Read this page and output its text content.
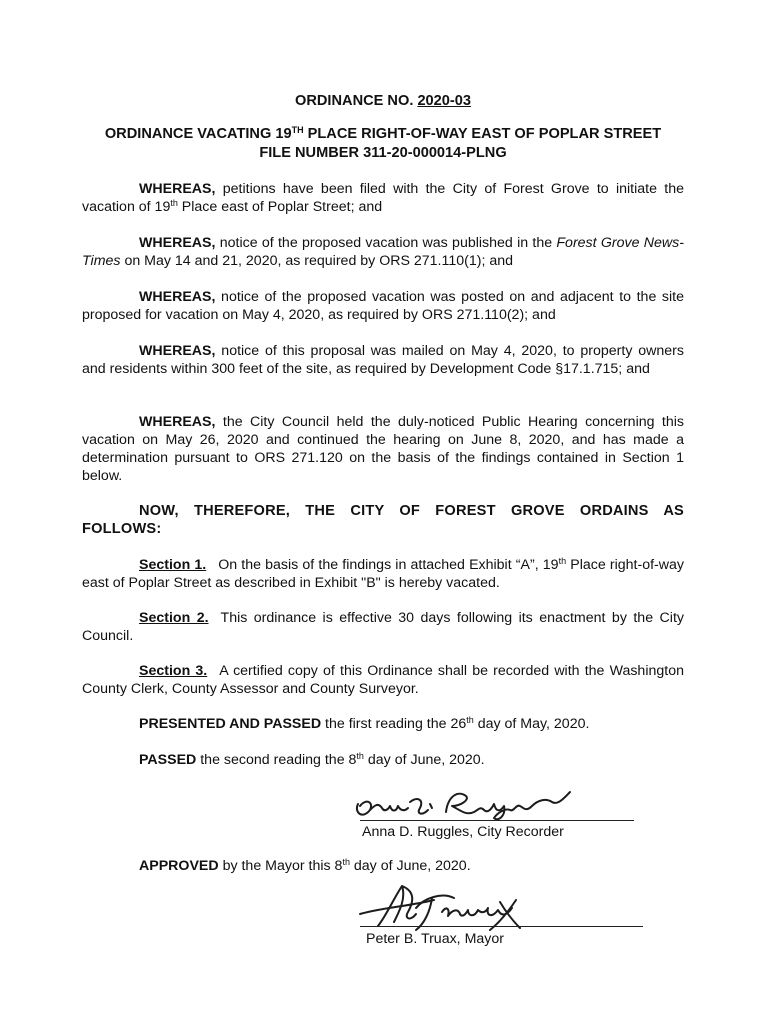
ORDINANCE NO. 2020-03

ORDINANCE VACATING 19TH PLACE RIGHT-OF-WAY EAST OF POPLAR STREET
FILE NUMBER 311-20-000014-PLNG

WHEREAS, petitions have been filed with the City of Forest Grove to initiate the vacation of 19th Place east of Poplar Street; and

WHEREAS, notice of the proposed vacation was published in the Forest Grove News-Times on May 14 and 21, 2020, as required by ORS 271.110(1); and

WHEREAS, notice of the proposed vacation was posted on and adjacent to the site proposed for vacation on May 4, 2020, as required by ORS 271.110(2); and

WHEREAS, notice of this proposal was mailed on May 4, 2020, to property owners and residents within 300 feet of the site, as required by Development Code §17.1.715; and

WHEREAS, the City Council held the duly-noticed Public Hearing concerning this vacation on May 26, 2020 and continued the hearing on June 8, 2020, and has made a determination pursuant to ORS 271.120 on the basis of the findings contained in Section 1 below.

NOW, THEREFORE, THE CITY OF FOREST GROVE ORDAINS AS FOLLOWS:

Section 1. On the basis of the findings in attached Exhibit “A”, 19th Place right-of-way east of Poplar Street as described in Exhibit "B" is hereby vacated.

Section 2. This ordinance is effective 30 days following its enactment by the City Council.

Section 3. A certified copy of this Ordinance shall be recorded with the Washington County Clerk, County Assessor and County Surveyor.

PRESENTED AND PASSED the first reading the 26th day of May, 2020.

PASSED the second reading the 8th day of June, 2020.

Anna D. Ruggles, City Recorder

APPROVED by the Mayor this 8th day of June, 2020.

Peter B. Truax, Mayor
